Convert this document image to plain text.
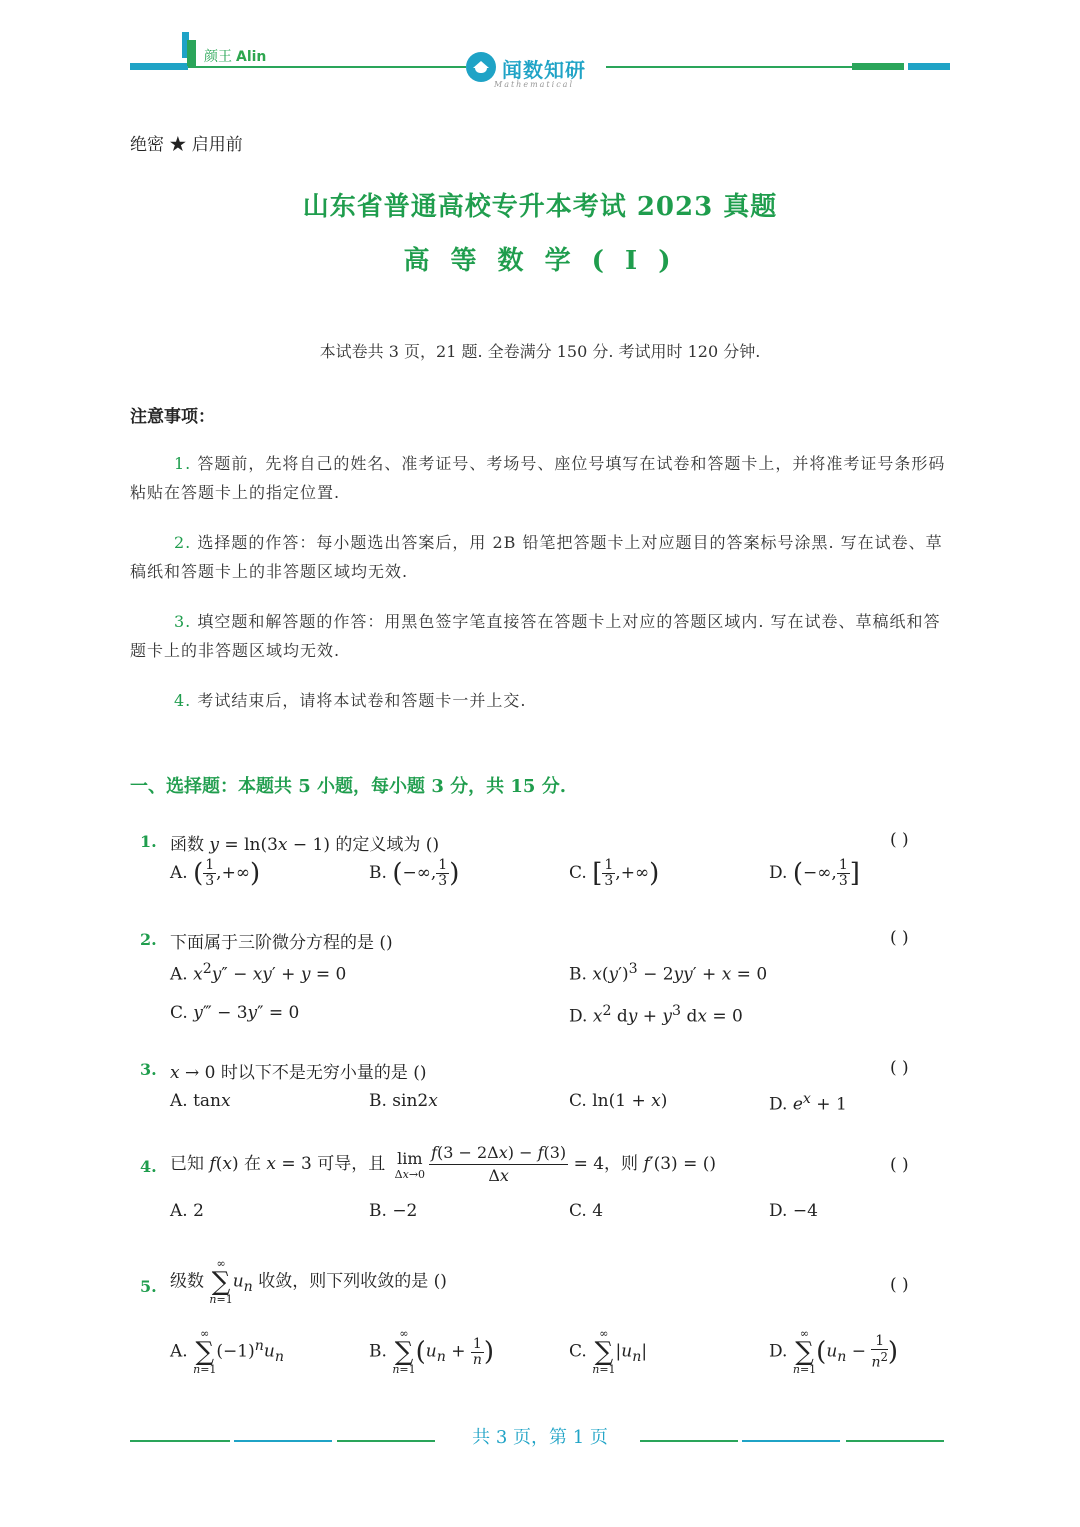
颜王 Alin
闻数知研
Mathematical
绝密 ★ 启用前
山东省普通高校专升本考试 2023 真题
高 等 数 学 ( I )
本试卷共 3 页，21 题. 全卷满分 150 分. 考试用时 120 分钟.
注意事项：
1. 答题前，先将自己的姓名、准考证号、考场号、座位号填写在试卷和答题卡上，并将准考证号条形码粘贴在答题卡上的指定位置.
2. 选择题的作答：每小题选出答案后，用 2B 铅笔把答题卡上对应题目的答案标号涂黑. 写在试卷、草稿纸和答题卡上的非答题区域均无效.
3. 填空题和解答题的作答：用黑色签字笔直接答在答题卡上对应的答题区域内. 写在试卷、草稿纸和答题卡上的非答题区域均无效.
4. 考试结束后，请将本试卷和答题卡一并上交.
一、选择题：本题共 5 小题，每小题 3 分，共 15 分.
1. 函数 y = ln(3x − 1) 的定义域为 ()	( )
A. ( $\frac{1}{3}$ ,+∞)	B. (−∞, $\frac{1}{3}$ )	C. [ $\frac{1}{3}$ ,+∞)	D. (−∞, $\frac{1}{3}$ ]
2. 下面属于三阶微分方程的是 ()	( )
A. $x^2y'' - xy' + y = 0$	B. $x(y')^3 - 2yy' + x = 0$
C. y‴ − 3y″ = 0	D. $x^2$ dy + $y^3$ dx = 0
3. x → 0 时以下不是无穷小量的是 ()	( )
A. tanx	B. sin2x	C. ln(1 + x)	D. $e^x + 1$
4. 已知 f(x) 在 x = 3 可导，且 lim
$\Delta x\to 0 \frac{f(3 - 2\Delta x) - f(3)}{\Delta x} = 4$，则 f′(3) = ()	( )
A. 2	B. −2	C. 4	D. −4
5. 级数
∞
∑
n=1
$u_n$ 收敛，则下列收敛的是 ()	( )
A.
∞
∑
n=1
$(-1)^nu_n$	B.
∞
∑
n=1
($u_n + \frac{1}{n}$ )	C.
∞
∑
n=1
$|u_n|$	D.
∞
∑
n=1
($u_n - \frac{1}{n^2}$ )
共 3 页，第 1 页
